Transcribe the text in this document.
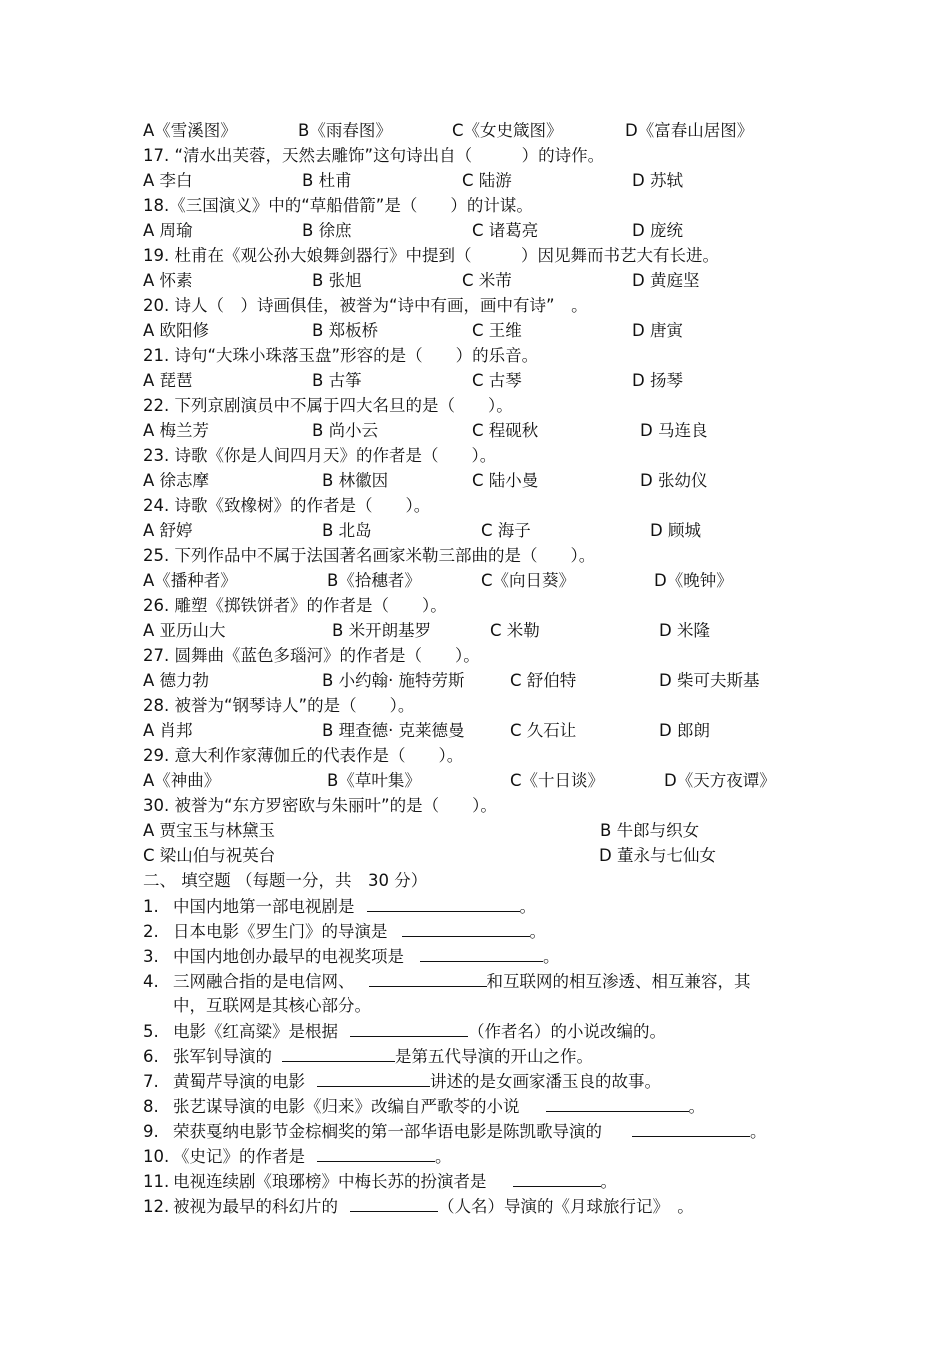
A《雪溪图》	B《雨春图》	C《女史箴图》	D《富春山居图》
17. “清水出芙蓉，天然去雕饰”这句诗出自（　　　）的诗作。
A 李白	B 杜甫	C 陆游	D 苏轼
18.《三国演义》中的“草船借箭”是（　　）的计谋。
A 周瑜	B 徐庶	C 诸葛亮	D 庞统
19. 杜甫在《观公孙大娘舞剑器行》中提到（　　　）因见舞而书艺大有长进。
A 怀素	B 张旭	C 米芾	D 黄庭坚
20. 诗人（　）诗画俱佳，被誉为“诗中有画，画中有诗”　。
A 欧阳修	B 郑板桥	C 王维	D 唐寅
21. 诗句“大珠小珠落玉盘”形容的是（　　）的乐音。
A 琵琶	B 古筝	C 古琴	D 扬琴
22. 下列京剧演员中不属于四大名旦的是（　　）。
A 梅兰芳	B 尚小云	C 程砚秋	D 马连良
23. 诗歌《你是人间四月天》的作者是（　　）。
A 徐志摩	B 林徽因	C 陆小曼	D 张幼仪
24. 诗歌《致橡树》的作者是（　　）。
A 舒婷	B 北岛	C 海子	D 顾城
25. 下列作品中不属于法国著名画家米勒三部曲的是（　　）。
A《播种者》	B《拾穗者》	C《向日葵》	D《晚钟》
26. 雕塑《掷铁饼者》的作者是（　　）。
A 亚历山大	B 米开朗基罗	C 米勒	D 米隆
27. 圆舞曲《蓝色多瑙河》的作者是（　　）。
A 德力勃	B 小约翰· 施特劳斯	C 舒伯特	D 柴可夫斯基
28. 被誉为“钢琴诗人”的是（　　）。
A 肖邦	B 理查德· 克莱德曼	C 久石让	D 郎朗
29. 意大利作家薄伽丘的代表作是（　　）。
A《神曲》	B《草叶集》	C《十日谈》	D《天方夜谭》
30. 被誉为“东方罗密欧与朱丽叶”的是（　　）。
A 贾宝玉与林黛玉	B 牛郎与织女
C 梁山伯与祝英台	D 董永与七仙女
二、 填空题 （每题一分，共　30 分）
1. 中国内地第一部电视剧是	。
2. 日本电影《罗生门》的导演是	。
3. 中国内地创办最早的电视奖项是	。
4. 三网融合指的是电信网、	和互联网的相互渗透、相互兼容，其
中，互联网是其核心部分。
5. 电影《红高粱》是根据	（作者名）的小说改编的。
6. 张军钊导演的	是第五代导演的开山之作。
7. 黄蜀芹导演的电影	讲述的是女画家潘玉良的故事。
8. 张艺谋导演的电影《归来》改编自严歌苓的小说	。
9. 荣获戛纳电影节金棕榈奖的第一部华语电影是陈凯歌导演的	。
10. 《史记》的作者是	。
11. 电视连续剧《琅琊榜》中梅长苏的扮演者是	。
12. 被视为最早的科幻片的	（人名）导演的《月球旅行记》　。
